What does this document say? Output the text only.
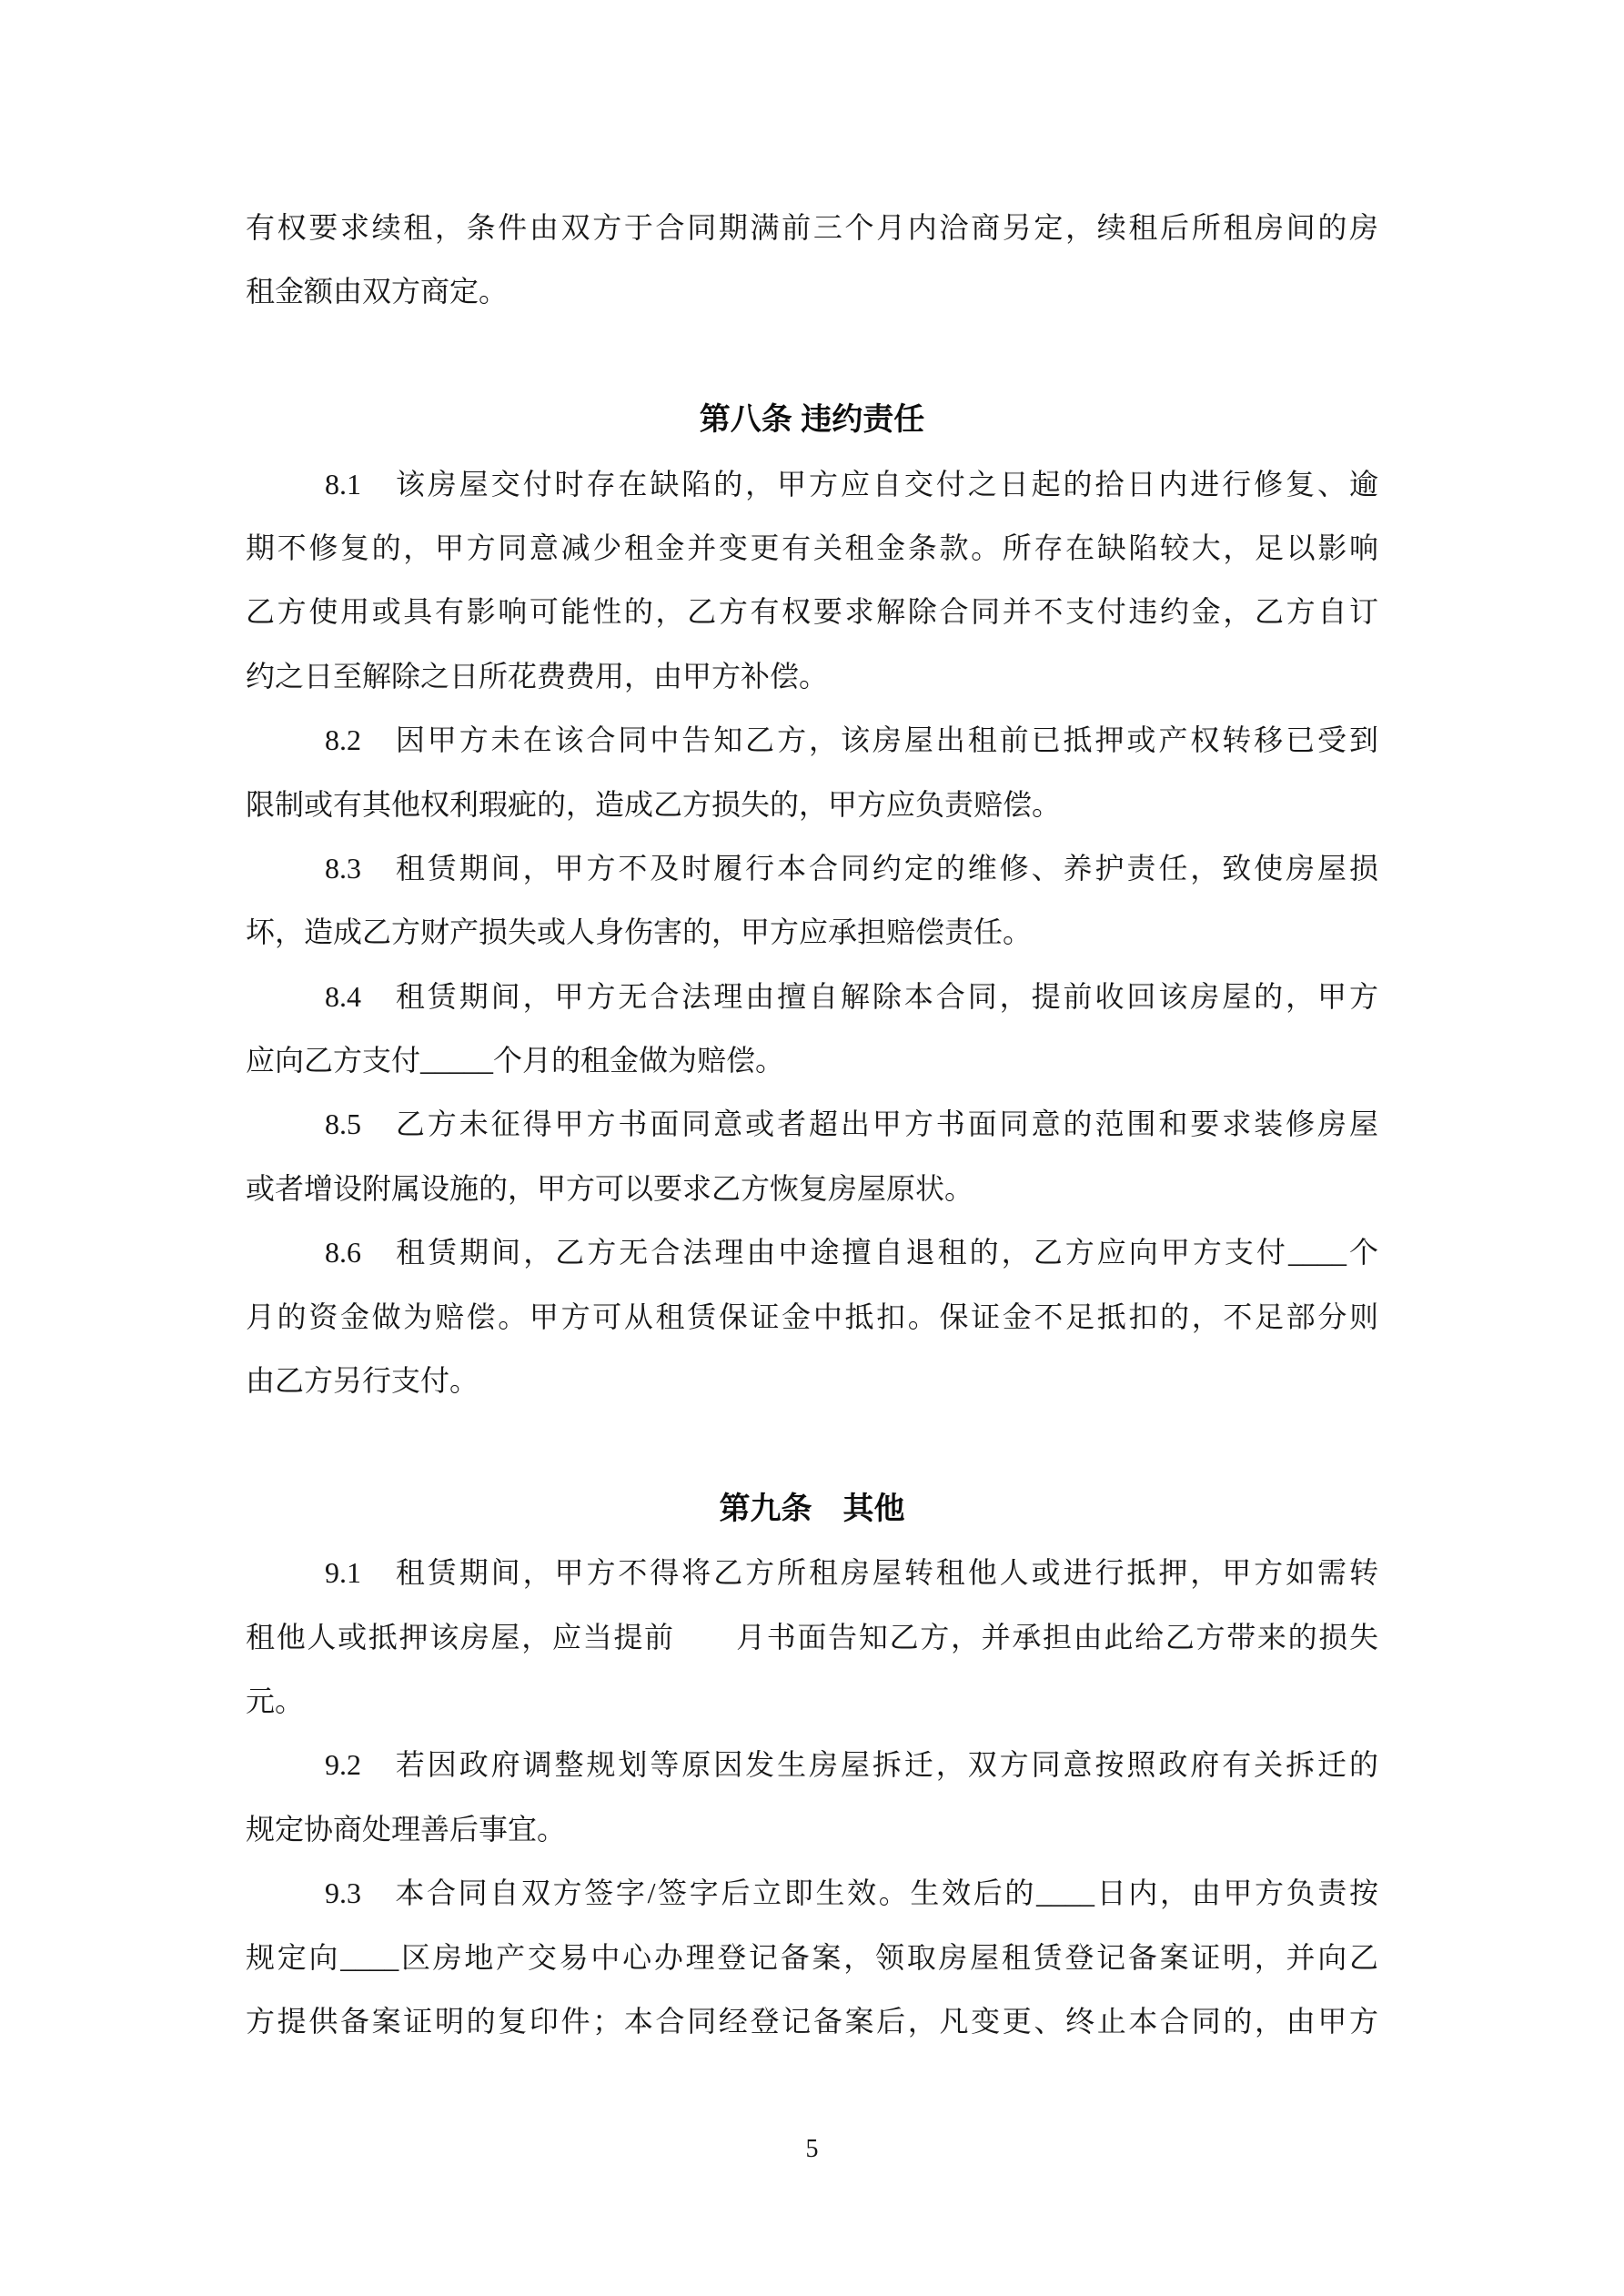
有权要求续租，条件由双方于合同期满前三个月内洽商另定，续租后所租房间的房
租金额由双方商定。
第八条 违约责任
8.1　该房屋交付时存在缺陷的，甲方应自交付之日起的拾日内进行修复、逾
期不修复的，甲方同意减少租金并变更有关租金条款。所存在缺陷较大，足以影响
乙方使用或具有影响可能性的，乙方有权要求解除合同并不支付违约金，乙方自订
约之日至解除之日所花费费用，由甲方补偿。
8.2　因甲方未在该合同中告知乙方，该房屋出租前已抵押或产权转移已受到
限制或有其他权利瑕疵的，造成乙方损失的，甲方应负责赔偿。
8.3　租赁期间，甲方不及时履行本合同约定的维修、养护责任，致使房屋损
坏，造成乙方财产损失或人身伤害的，甲方应承担赔偿责任。
8.4　租赁期间，甲方无合法理由擅自解除本合同，提前收回该房屋的，甲方
应向乙方支付_____个月的租金做为赔偿。
8.5　乙方未征得甲方书面同意或者超出甲方书面同意的范围和要求装修房屋
或者增设附属设施的，甲方可以要求乙方恢复房屋原状。
8.6　租赁期间，乙方无合法理由中途擅自退租的，乙方应向甲方支付____个
月的资金做为赔偿。甲方可从租赁保证金中抵扣。保证金不足抵扣的，不足部分则
由乙方另行支付。
第九条　其他
9.1　租赁期间，甲方不得将乙方所租房屋转租他人或进行抵押，甲方如需转
租他人或抵押该房屋，应当提前　　月书面告知乙方，并承担由此给乙方带来的损失
元。
9.2　若因政府调整规划等原因发生房屋拆迁，双方同意按照政府有关拆迁的
规定协商处理善后事宜。
9.3　本合同自双方签字/签字后立即生效。生效后的____日内，由甲方负责按
规定向____区房地产交易中心办理登记备案，领取房屋租赁登记备案证明，并向乙
方提供备案证明的复印件；本合同经登记备案后，凡变更、终止本合同的，由甲方
5
